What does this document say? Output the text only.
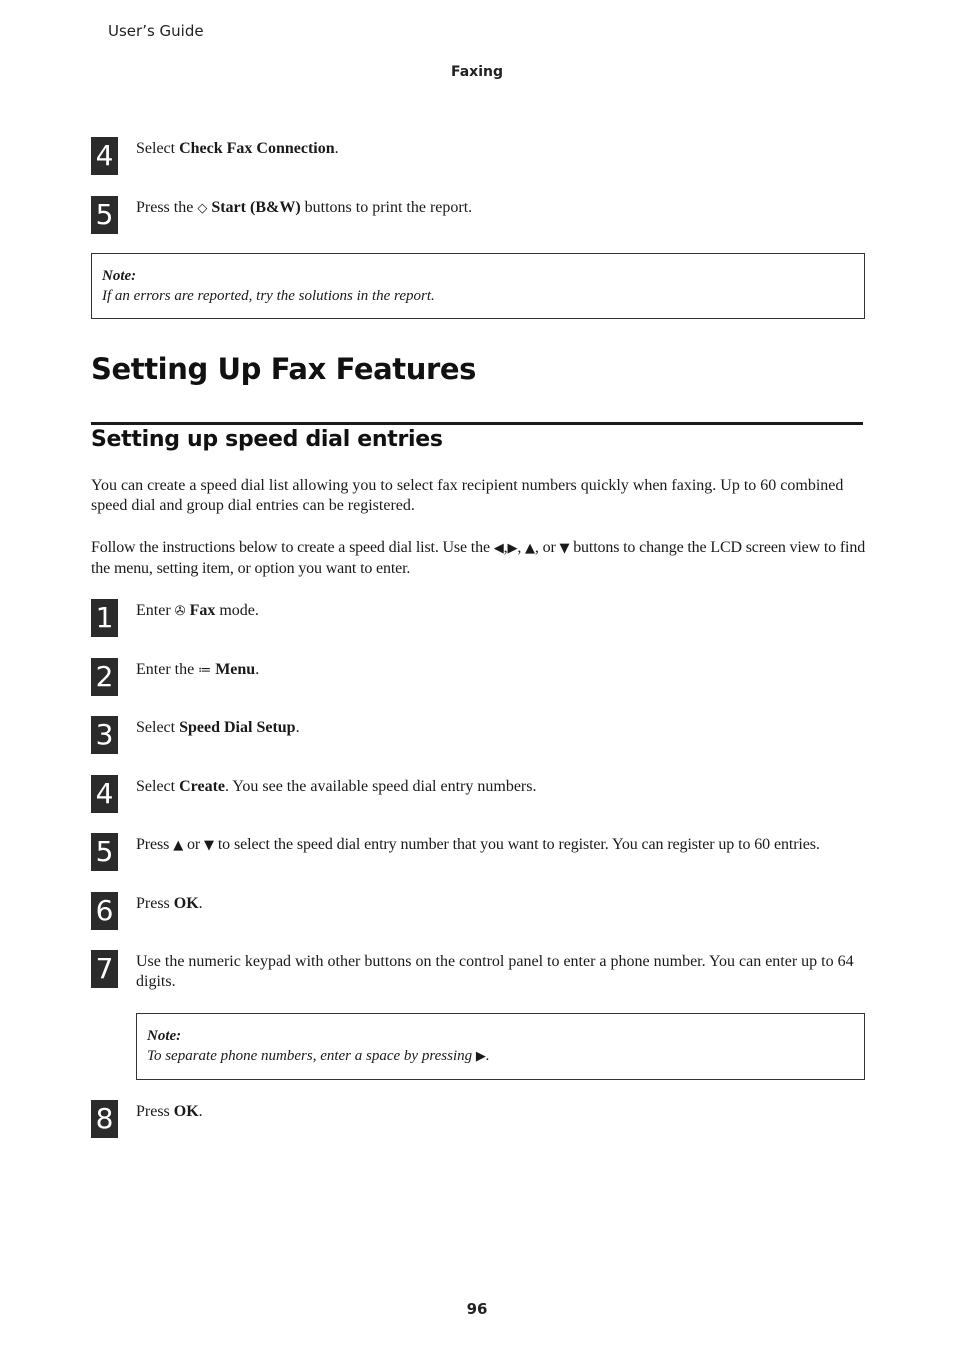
User’s Guide
Faxing
4 Select Check Fax Connection.
5 Press the ◇ Start (B&W) buttons to print the report.
Note:
If an errors are reported, try the solutions in the report.
Setting Up Fax Features
Setting up speed dial entries
You can create a speed dial list allowing you to select fax recipient numbers quickly when faxing. Up to 60 combined speed dial and group dial entries can be registered.
Follow the instructions below to create a speed dial list. Use the ◀,▶, ▲, or ▼ buttons to change the LCD screen view to find the menu, setting item, or option you want to enter.
1 Enter ✇ Fax mode.
2 Enter the ≔ Menu.
3 Select Speed Dial Setup.
4 Select Create. You see the available speed dial entry numbers.
5 Press ▲ or ▼ to select the speed dial entry number that you want to register. You can register up to 60 entries.
6 Press OK.
7 Use the numeric keypad with other buttons on the control panel to enter a phone number. You can enter up to 64 digits.
Note:
To separate phone numbers, enter a space by pressing ▶.
8 Press OK.
96
